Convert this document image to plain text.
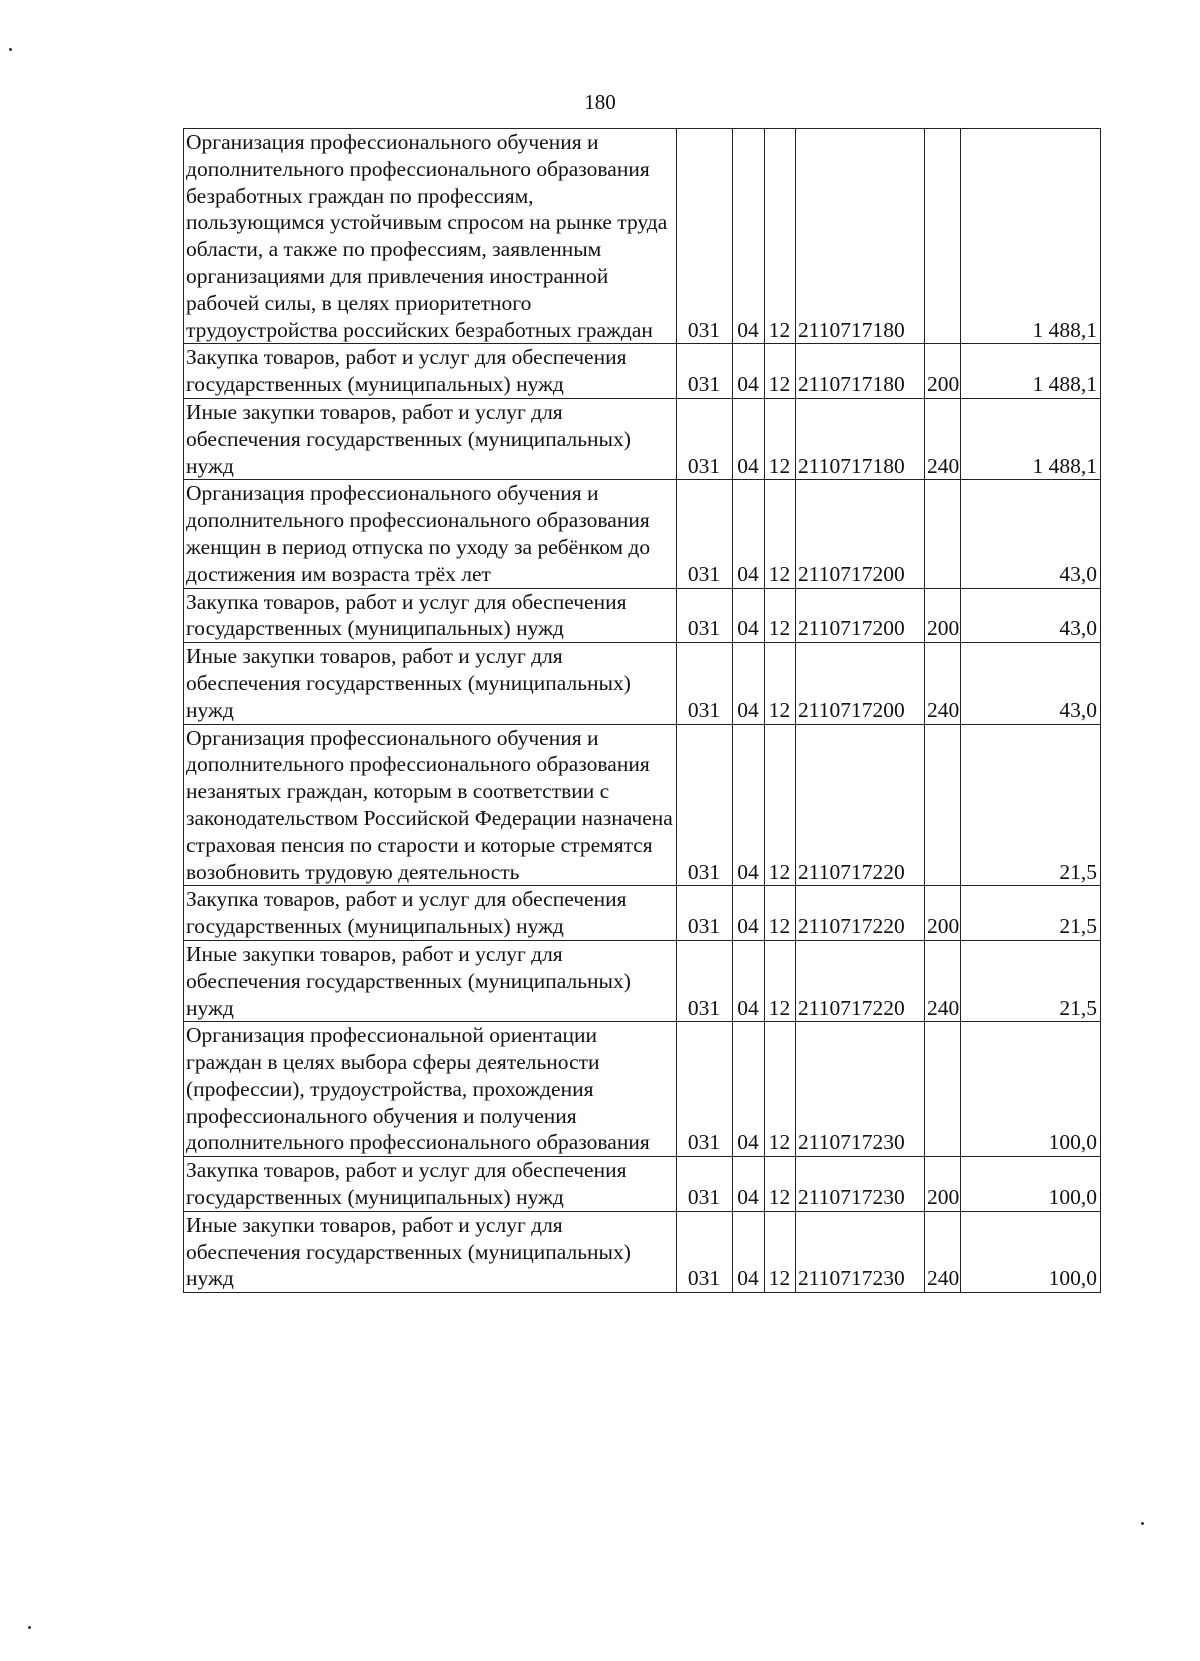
180
Организация профессионального обучения и дополнительного профессионального образования безработных граждан по профессиям, пользующимся устойчивым спросом на рынке труда области, а также по профессиям, заявленным организациями для привлечения иностранной рабочей силы, в целях приоритетного трудоустройства российских безработных граждан	031	04	12	2110717180		1 488,1
Закупка товаров, работ и услуг для обеспечения государственных (муниципальных) нужд	031	04	12	2110717180	200	1 488,1
Иные закупки товаров, работ и услуг для обеспечения государственных (муниципальных) нужд	031	04	12	2110717180	240	1 488,1
Организация профессионального обучения и дополнительного профессионального образования женщин в период отпуска по уходу за ребёнком до достижения им возраста трёх лет	031	04	12	2110717200		43,0
Закупка товаров, работ и услуг для обеспечения государственных (муниципальных) нужд	031	04	12	2110717200	200	43,0
Иные закупки товаров, работ и услуг для обеспечения государственных (муниципальных) нужд	031	04	12	2110717200	240	43,0
Организация профессионального обучения и дополнительного профессионального образования незанятых граждан, которым в соответствии с законодательством Российской Федерации назначена страховая пенсия по старости и которые стремятся возобновить трудовую деятельность	031	04	12	2110717220		21,5
Закупка товаров, работ и услуг для обеспечения государственных (муниципальных) нужд	031	04	12	2110717220	200	21,5
Иные закупки товаров, работ и услуг для обеспечения государственных (муниципальных) нужд	031	04	12	2110717220	240	21,5
Организация профессиональной ориентации граждан в целях выбора сферы деятельности (профессии), трудоустройства, прохождения профессионального обучения и получения дополнительного профессионального образования	031	04	12	2110717230		100,0
Закупка товаров, работ и услуг для обеспечения государственных (муниципальных) нужд	031	04	12	2110717230	200	100,0
Иные закупки товаров, работ и услуг для обеспечения государственных (муниципальных) нужд	031	04	12	2110717230	240	100,0
